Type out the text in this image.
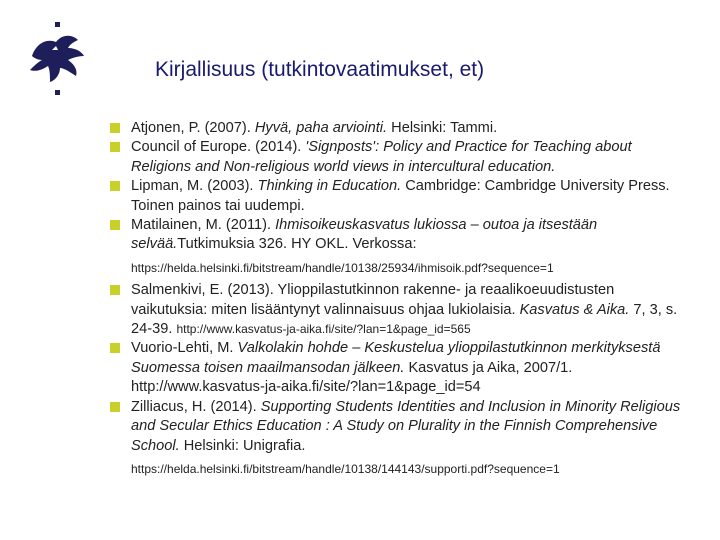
Kirjallisuus (tutkintovaatimukset, et)
Atjonen, P. (2007). Hyvä, paha arviointi. Helsinki: Tammi.
Council of Europe. (2014). 'Signposts': Policy and Practice for Teaching about Religions and Non-religious world views in intercultural education.
Lipman, M. (2003). Thinking in Education. Cambridge: Cambridge University Press. Toinen painos tai uudempi.
Matilainen, M. (2011). Ihmisoikeuskasvatus lukiossa – outoa ja itsestään selvää.Tutkimuksia 326. HY OKL. Verkossa:
https://helda.helsinki.fi/bitstream/handle/10138/25934/ihmisoik.pdf?sequence=1
Salmenkivi, E. (2013). Ylioppilastutkinnon rakenne- ja reaalikoeuudistusten vaikutuksia: miten lisääntynyt valinnaisuus ohjaa lukiolaisia. Kasvatus & Aika. 7, 3, s. 24-39. http://www.kasvatus-ja-aika.fi/site/?lan=1&page_id=565
Vuorio-Lehti, M. Valkolakin hohde – Keskustelua ylioppilastutkinnon merkityksestä Suomessa toisen maailmansodan jälkeen. Kasvatus ja Aika, 2007/1. http://www.kasvatus-ja-aika.fi/site/?lan=1&page_id=54
Zilliacus, H. (2014). Supporting Students Identities and Inclusion in Minority Religious and Secular Ethics Education : A Study on Plurality in the Finnish Comprehensive School. Helsinki: Unigrafia.
https://helda.helsinki.fi/bitstream/handle/10138/144143/supporti.pdf?sequence=1
